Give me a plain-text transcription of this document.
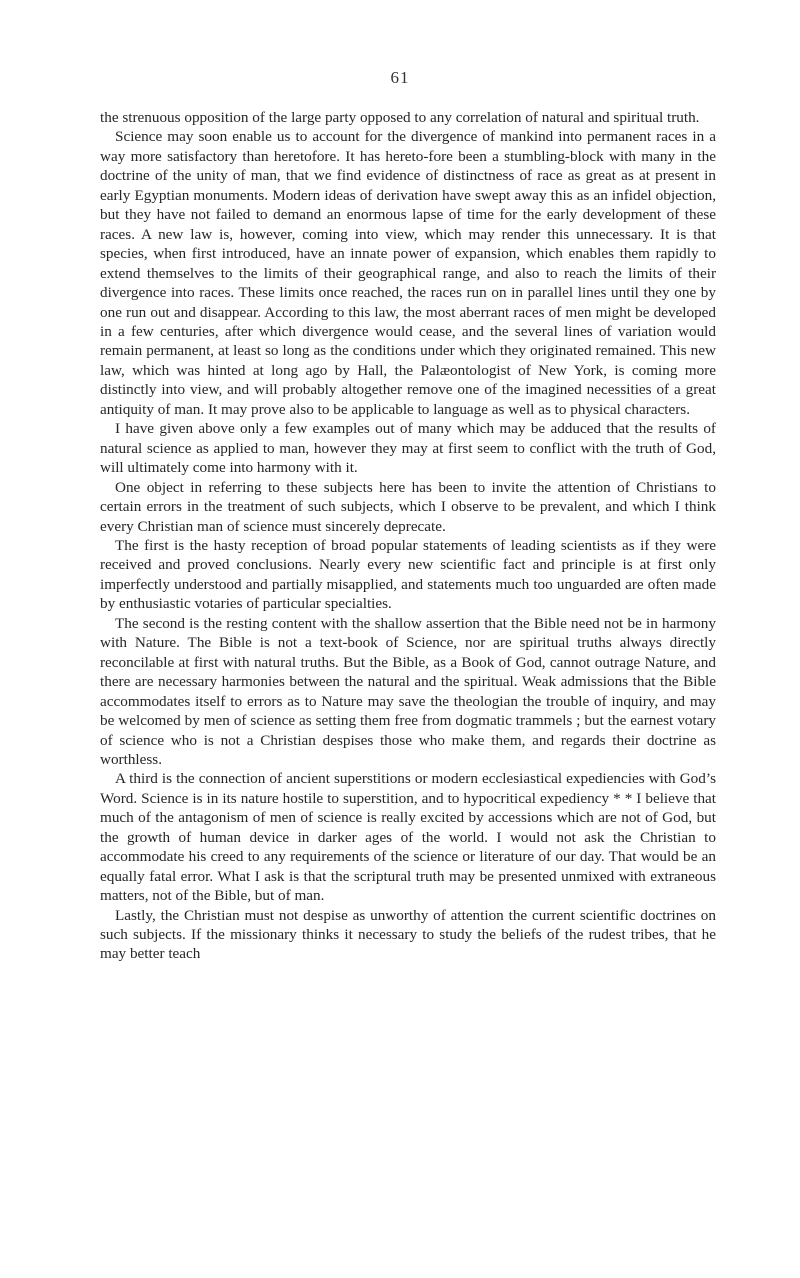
61

the strenuous opposition of the large party opposed to any correlation of natural and spiritual truth.

Science may soon enable us to account for the divergence of mankind into permanent races in a way more satisfactory than heretofore. It has hereto-fore been a stumbling-block with many in the doctrine of the unity of man, that we find evidence of distinctness of race as great as at present in early Egyptian monuments. Modern ideas of derivation have swept away this as an infidel objection, but they have not failed to demand an enormous lapse of time for the early development of these races. A new law is, however, coming into view, which may render this unnecessary. It is that species, when first introduced, have an innate power of expansion, which enables them rapidly to extend themselves to the limits of their geographical range, and also to reach the limits of their divergence into races. These limits once reached, the races run on in parallel lines until they one by one run out and disappear. According to this law, the most aberrant races of men might be developed in a few centuries, after which divergence would cease, and the several lines of variation would remain permanent, at least so long as the conditions under which they originated remained. This new law, which was hinted at long ago by Hall, the Palæontologist of New York, is coming more distinctly into view, and will probably altogether remove one of the imagined necessities of a great antiquity of man. It may prove also to be applicable to language as well as to physical characters.

I have given above only a few examples out of many which may be adduced that the results of natural science as applied to man, however they may at first seem to conflict with the truth of God, will ultimately come into harmony with it.

One object in referring to these subjects here has been to invite the attention of Christians to certain errors in the treatment of such subjects, which I observe to be prevalent, and which I think every Christian man of science must sincerely deprecate.

The first is the hasty reception of broad popular statements of leading scientists as if they were received and proved conclusions. Nearly every new scientific fact and principle is at first only imperfectly understood and partially misapplied, and statements much too unguarded are often made by enthusiastic votaries of particular specialties.

The second is the resting content with the shallow assertion that the Bible need not be in harmony with Nature. The Bible is not a text-book of Science, nor are spiritual truths always directly reconcilable at first with natural truths. But the Bible, as a Book of God, cannot outrage Nature, and there are necessary harmonies between the natural and the spiritual. Weak admissions that the Bible accommodates itself to errors as to Nature may save the theologian the trouble of inquiry, and may be welcomed by men of science as setting them free from dogmatic trammels ; but the earnest votary of science who is not a Christian despises those who make them, and regards their doctrine as worthless.

A third is the connection of ancient superstitions or modern ecclesiastical expediencies with God’s Word. Science is in its nature hostile to superstition, and to hypocritical expediency * * I believe that much of the antagonism of men of science is really excited by accessions which are not of God, but the growth of human device in darker ages of the world. I would not ask the Christian to accommodate his creed to any requirements of the science or literature of our day. That would be an equally fatal error. What I ask is that the scriptural truth may be presented unmixed with extraneous matters, not of the Bible, but of man.

Lastly, the Christian must not despise as unworthy of attention the current scientific doctrines on such subjects. If the missionary thinks it necessary to study the beliefs of the rudest tribes, that he may better teach
